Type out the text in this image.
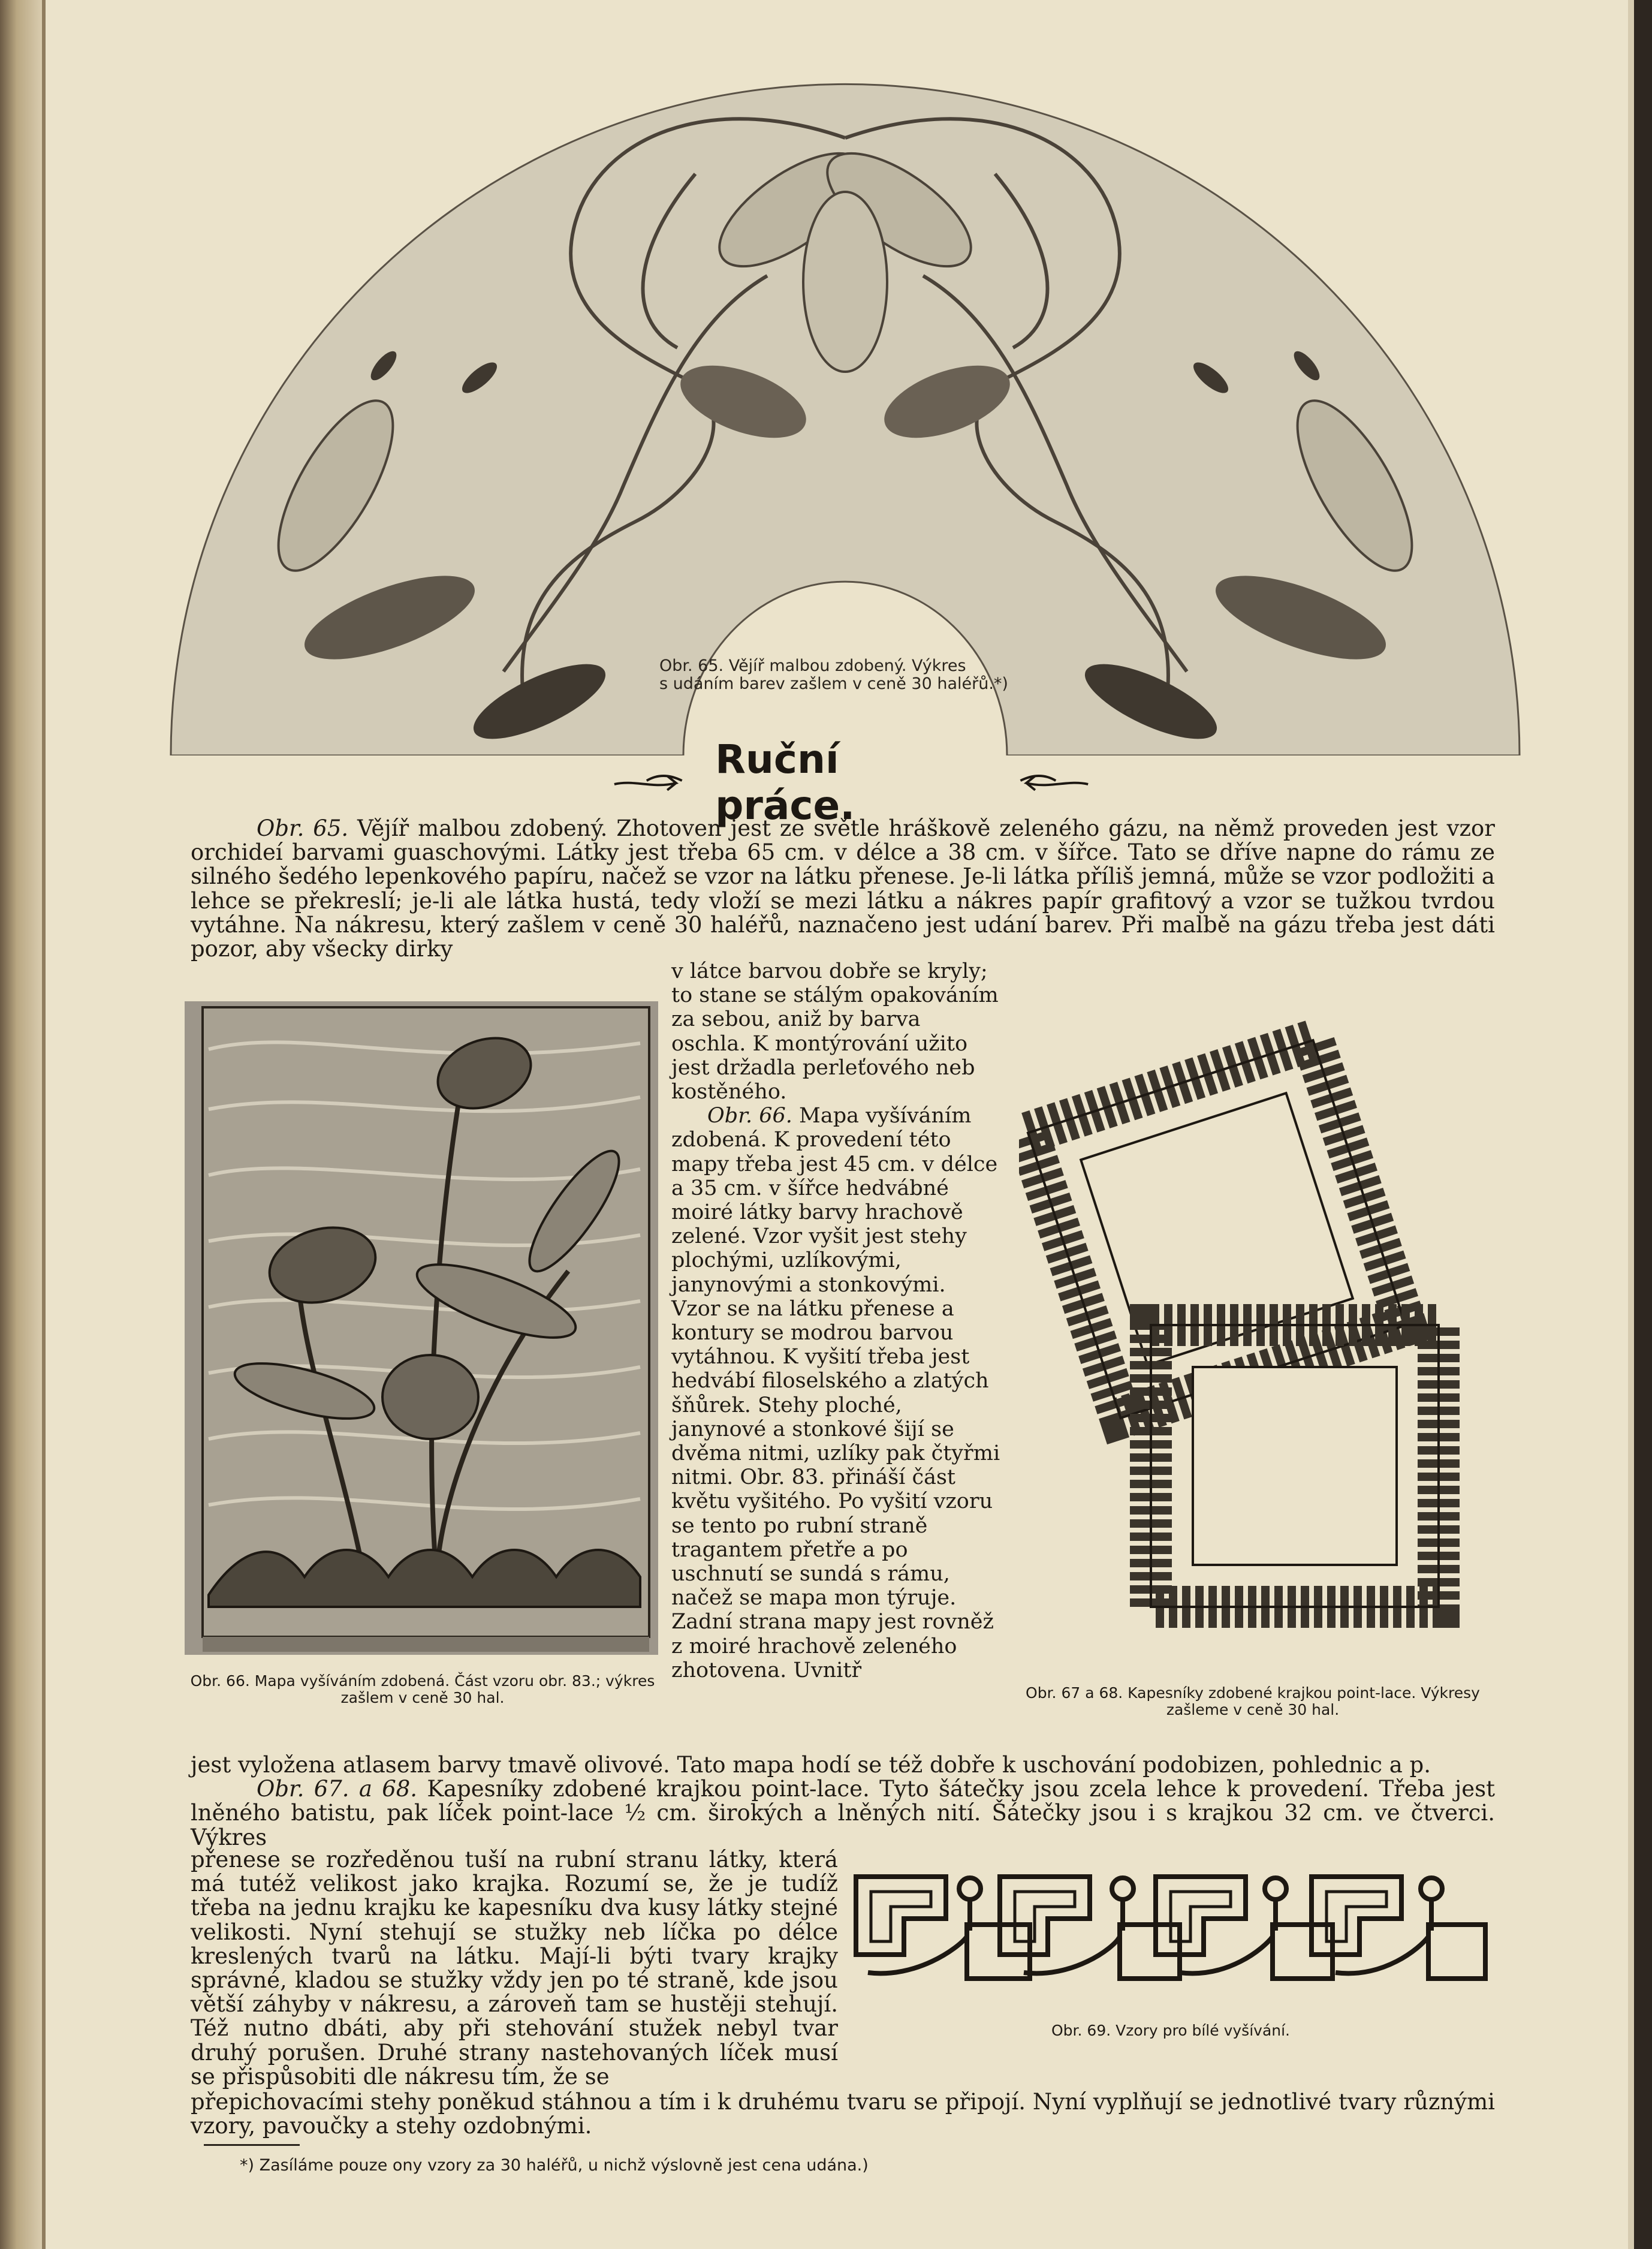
Obr. 65. Vějíř malbou zdobený. Výkres
s udáním barev zašlem v ceně 30 haléřů.*)
Ruční práce.

Obr. 65. Vějíř malbou zdobený. Zhotoven jest ze světle hráškově zeleného gázu, na němž proveden jest vzor orchideí barvami guaschovými. Látky jest třeba 65 cm. v délce a 38 cm. v šířce. Tato se dříve napne do rámu ze silného šedého lepenkového papíru, načež se vzor na látku přenese. Je-li látka příliš jemná, může se vzor podložiti a lehce se překreslí; je-li ale látka hustá, tedy vloží se mezi látku a nákres papír grafitový a vzor se tužkou tvrdou vytáhne. Na nákresu, který zašlem v ceně 30 haléřů, naznačeno jest udání barev. Při malbě na gázu třeba jest dáti pozor, aby všecky dirky

Obr. 66. Mapa vyšíváním zdobená. Část vzoru obr. 83.; výkres
zašlem v ceně 30 hal.

v látce barvou dobře se kryly; to stane se stálým opakováním za sebou, aniž by barva oschla. K montýrování užito jest držadla perleťového neb kostěného.

Obr. 66. Mapa vyšíváním zdobená. K provedení této mapy třeba jest 45 cm. v délce a 35 cm. v šířce hedvábné moiré látky barvy hrachově zelené. Vzor vyšit jest stehy plochými, uzlíkovými, janynovými a stonkovými. Vzor se na látku přenese a kontury se modrou barvou vytáhnou. K vyšití třeba jest hedvábí filoselského a zlatých šňůrek. Stehy ploché, janynové a stonkové šijí se dvěma nitmi, uzlíky pak čtyřmi nitmi. Obr. 83. přináší část květu vyšitého. Po vyšití vzoru se tento po rubní straně tragantem přetře a po uschnutí se sundá s rámu, načež se mapa mon týruje. Zadní strana mapy jest rovněž z moiré hrachově zeleného zhotovena. Uvnitř

Obr. 67 a 68. Kapesníky zdobené krajkou point-lace. Výkresy
zašleme v ceně 30 hal.

jest vyložena atlasem barvy tmavě olivové. Tato mapa hodí se též dobře k uschování podobizen, pohlednic a p.

Obr. 67. a 68. Kapesníky zdobené krajkou point-lace. Tyto šátečky jsou zcela lehce k provedení. Třeba jest lněného batistu, pak líček point-lace ½ cm. širokých a lněných nití. Šátečky jsou i s krajkou 32 cm. ve čtverci. Výkres

přenese se rozředěnou tuší na rubní stranu látky, která má tutéž velikost jako krajka. Rozumí se, že je tudíž třeba na jednu krajku ke kapesníku dva kusy látky stejné velikosti. Nyní stehují se stužky neb líčka po délce kreslených tvarů na látku. Mají-li býti tvary krajky správné, kladou se stužky vždy jen po té straně, kde jsou větší záhyby v nákresu, a zároveň tam se hustěji stehují. Též nutno dbáti, aby při stehování stužek nebyl tvar druhý porušen. Druhé strany nastehovaných líček musí se přispůsobiti dle nákresu tím, že se

Obr. 69. Vzory pro bílé vyšívání.

přepichovacími stehy poněkud stáhnou a tím i k druhému tvaru se připojí. Nyní vyplňují se jednotlivé tvary různými vzory, pavoučky a stehy ozdobnými.

*) Zasíláme pouze ony vzory za 30 haléřů, u nichž výslovně jest cena udána.)
